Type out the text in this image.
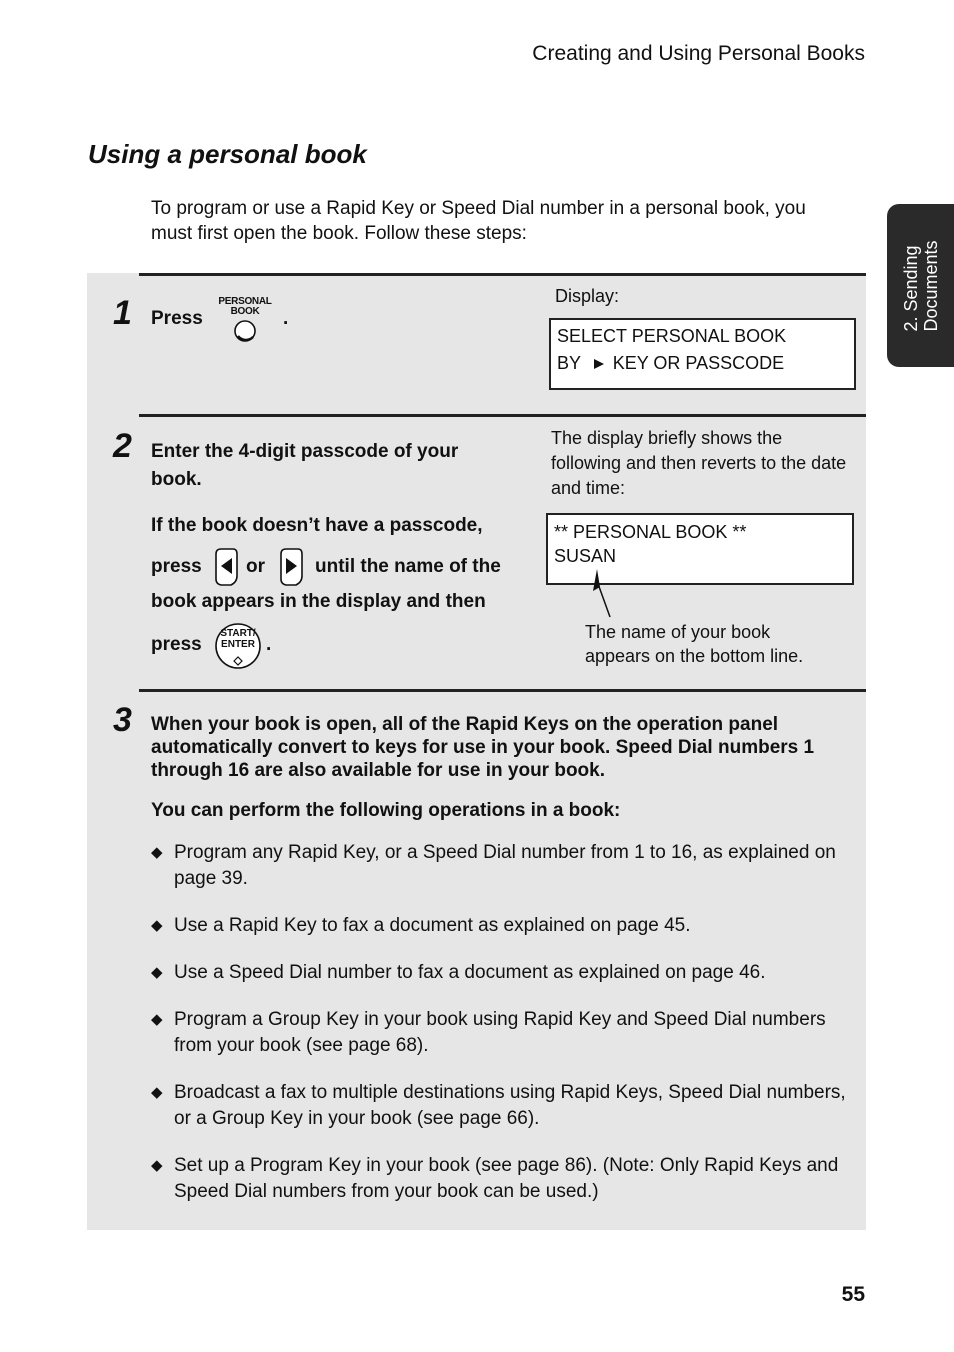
Creating and Using Personal Books
Using a personal book
To program or use a Rapid Key or Speed Dial number in a personal book, you must first open the book. Follow these steps:
2. Sending Documents
1 Press
PERSONAL
BOOK	.
Display:
SELECT PERSONAL BOOK
BY KEY OR PASSCODE
2 Enter the 4-digit passcode of your book.
If the book doesn’t have a passcode,
press or	until the name of the
book appears in the display and then
press
START/
ENTER .
The display briefly shows the following and then reverts to the date and time:
** PERSONAL BOOK **
SUSAN
The name of your book appears on the bottom line.
3 When your book is open, all of the Rapid Keys on the operation panel automatically convert to keys for use in your book. Speed Dial numbers 1 through 16 are also available for use in your book.
You can perform the following operations in a book:
◆ Program any Rapid Key, or a Speed Dial number from 1 to 16, as explained on page 39.
◆ Use a Rapid Key to fax a document as explained on page 45.
◆ Use a Speed Dial number to fax a document as explained on page 46.
◆ Program a Group Key in your book using Rapid Key and Speed Dial numbers from your book (see page 68).
◆ Broadcast a fax to multiple destinations using Rapid Keys, Speed Dial numbers, or a Group Key in your book (see page 66).
◆ Set up a Program Key in your book (see page 86). (Note: Only Rapid Keys and Speed Dial numbers from your book can be used.)
55
